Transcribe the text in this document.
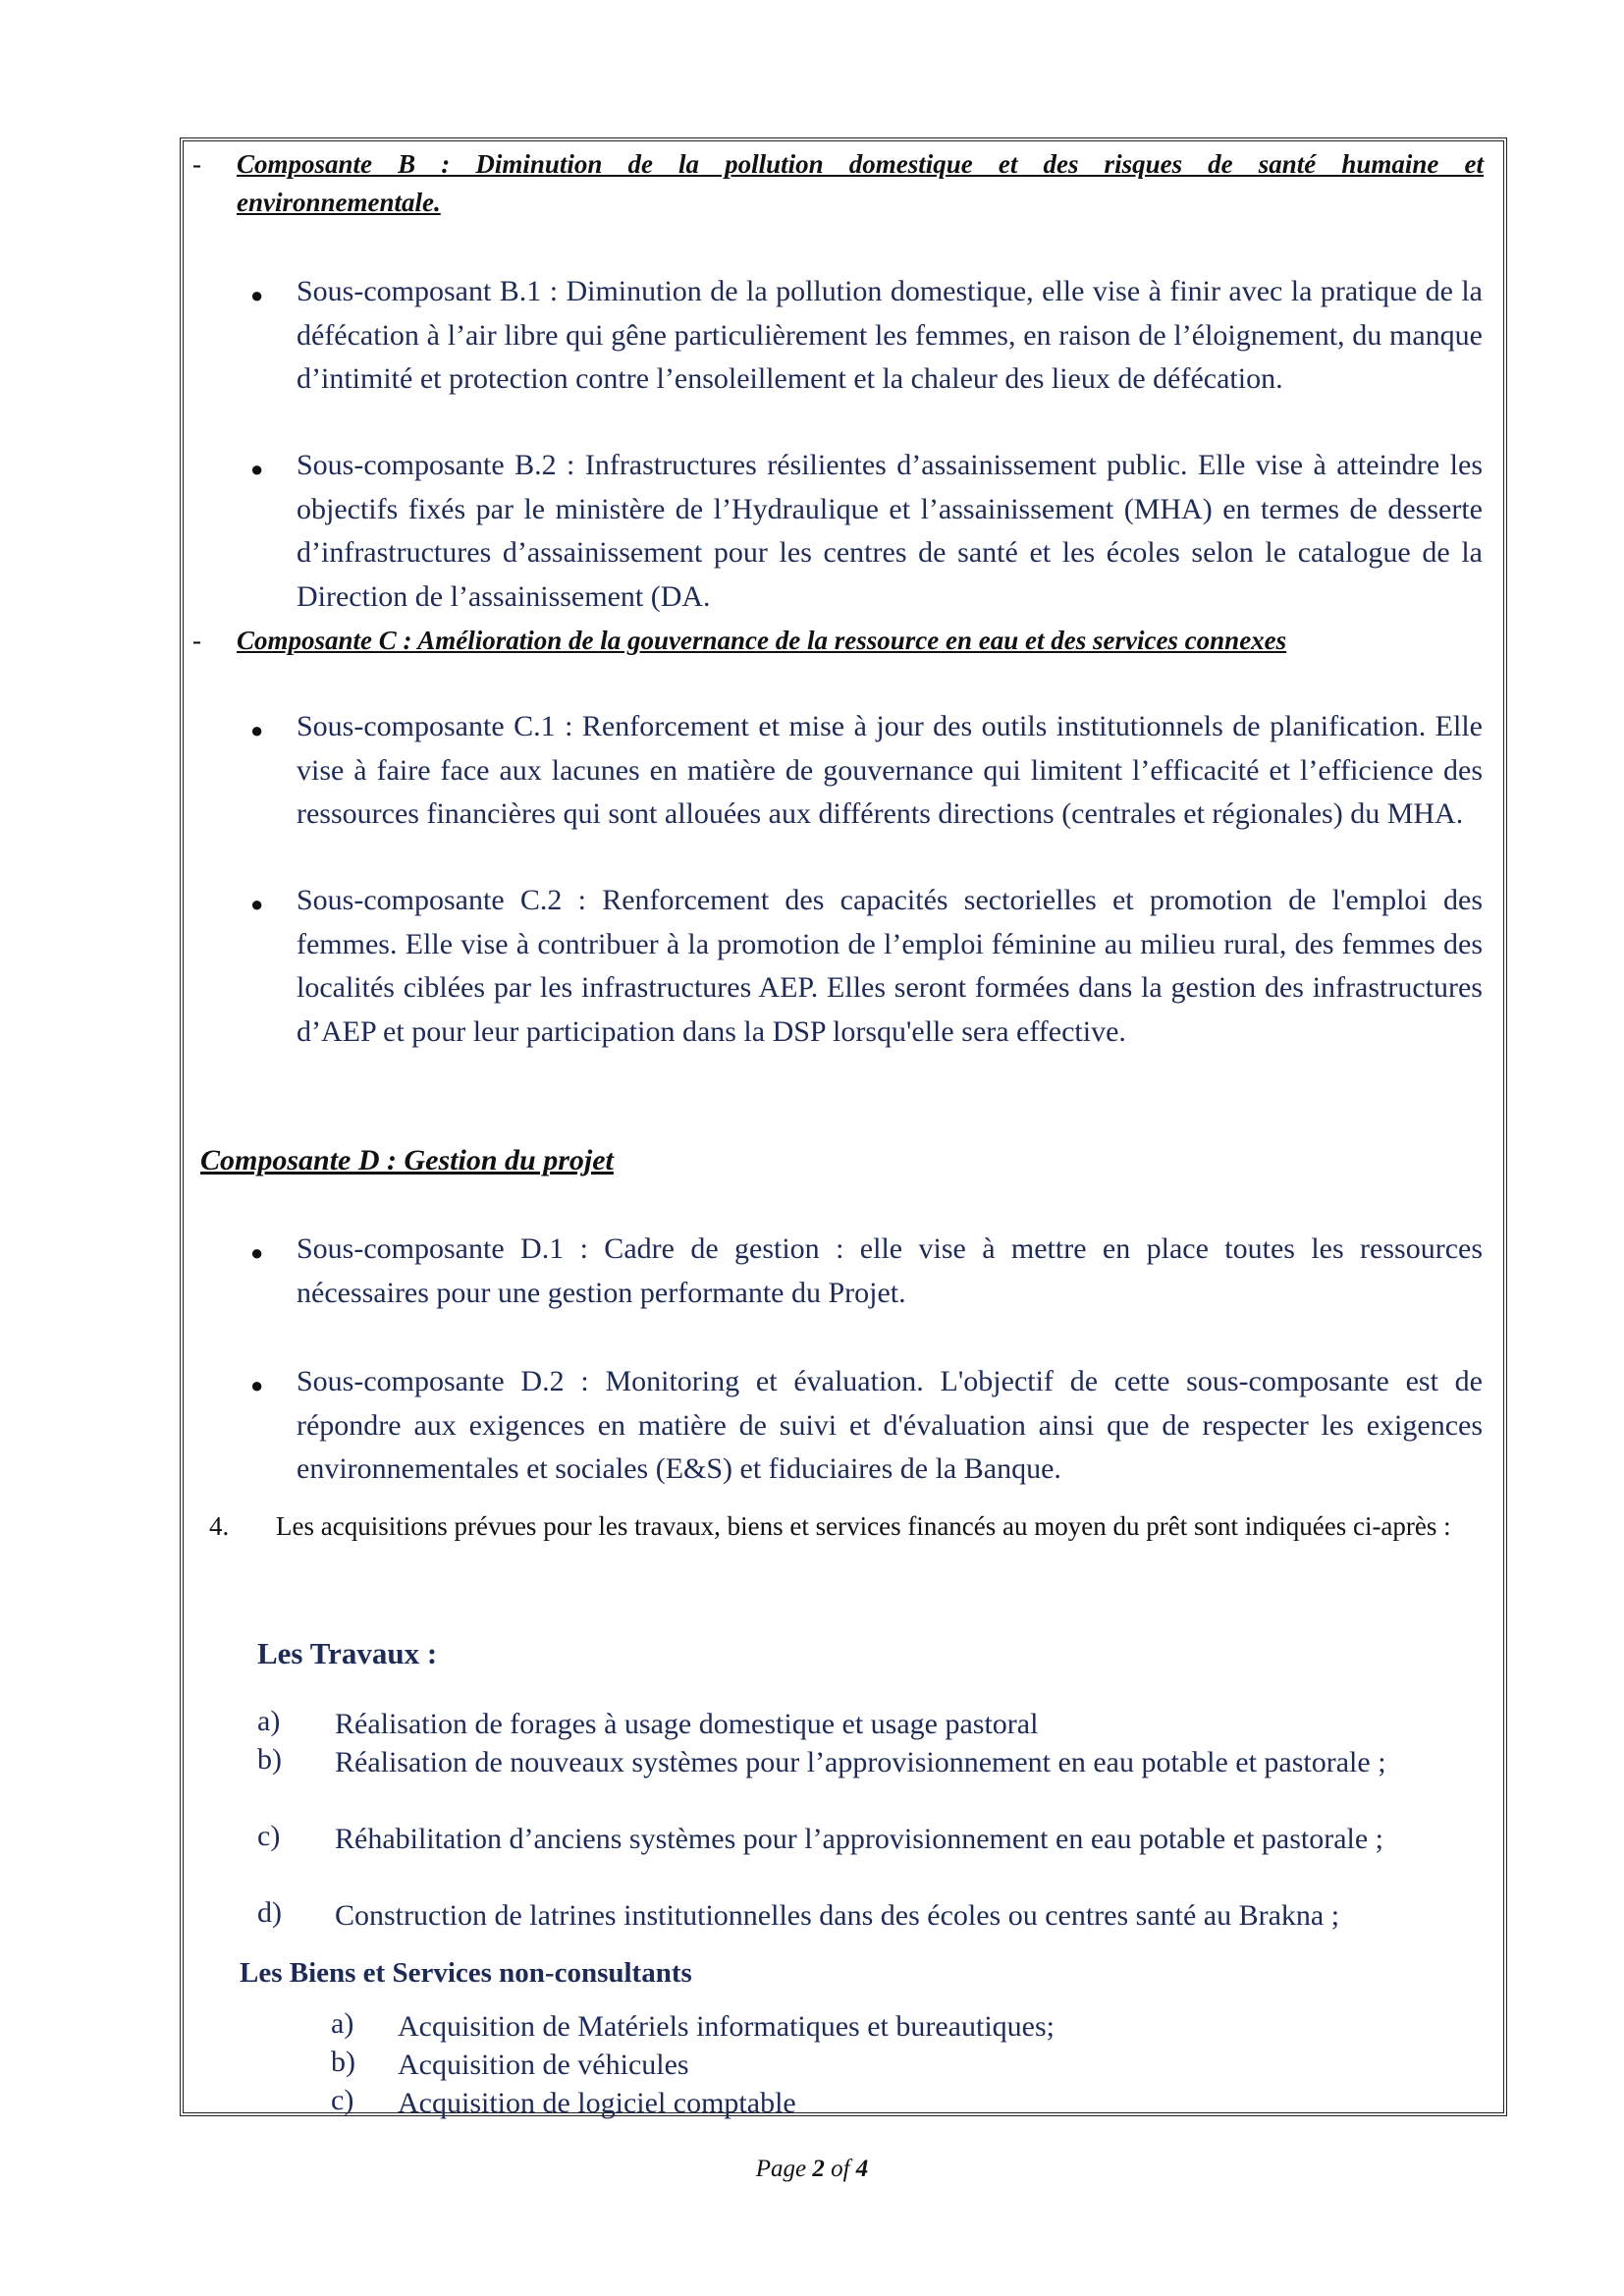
- Composante B : Diminution de la pollution domestique et des risques de santé humaine et
environnementale.
● Sous-composant B.1 : Diminution de la pollution domestique, elle vise à finir avec la pratique de la défécation à l’air libre qui gêne particulièrement les femmes, en raison de l’éloignement, du manque d’intimité et protection contre l’ensoleillement et la chaleur des lieux de défécation.
● Sous-composante B.2 : Infrastructures résilientes d’assainissement public. Elle vise à atteindre les objectifs fixés par le ministère de l’Hydraulique et l’assainissement (MHA) en termes de desserte d’infrastructures d’assainissement pour les centres de santé et les écoles selon le catalogue de la Direction de l’assainissement (DA.
- Composante C : Amélioration de la gouvernance de la ressource en eau et des services connexes
● Sous-composante C.1 : Renforcement et mise à jour des outils institutionnels de planification. Elle vise à faire face aux lacunes en matière de gouvernance qui limitent l’efficacité et l’efficience des ressources financières qui sont allouées aux différents directions (centrales et régionales) du MHA.
● Sous-composante C.2 : Renforcement des capacités sectorielles et promotion de l'emploi des femmes. Elle vise à contribuer à la promotion de l’emploi féminine au milieu rural, des femmes des localités ciblées par les infrastructures AEP. Elles seront formées dans la gestion des infrastructures d’AEP et pour leur participation dans la DSP lorsqu'elle sera effective.
Composante D : Gestion du projet
● Sous-composante D.1 : Cadre de gestion : elle vise à mettre en place toutes les ressources nécessaires pour une gestion performante du Projet.
● Sous-composante D.2 : Monitoring et évaluation. L'objectif de cette sous-composante est de répondre aux exigences en matière de suivi et d'évaluation ainsi que de respecter les exigences environnementales et sociales (E&S) et fiduciaires de la Banque.
4. Les acquisitions prévues pour les travaux, biens et services financés au moyen du prêt sont indiquées ci-après :
Les Travaux :
a) Réalisation de forages à usage domestique et usage pastoral
b) Réalisation de nouveaux systèmes pour l’approvisionnement en eau potable et pastorale ;
c) Réhabilitation d’anciens systèmes pour l’approvisionnement en eau potable et pastorale ;
d) Construction de latrines institutionnelles dans des écoles ou centres santé au Brakna ;
Les Biens et Services non-consultants
a) Acquisition de Matériels informatiques et bureautiques;
b) Acquisition de véhicules
c) Acquisition de logiciel comptable
Page 2 of 4
